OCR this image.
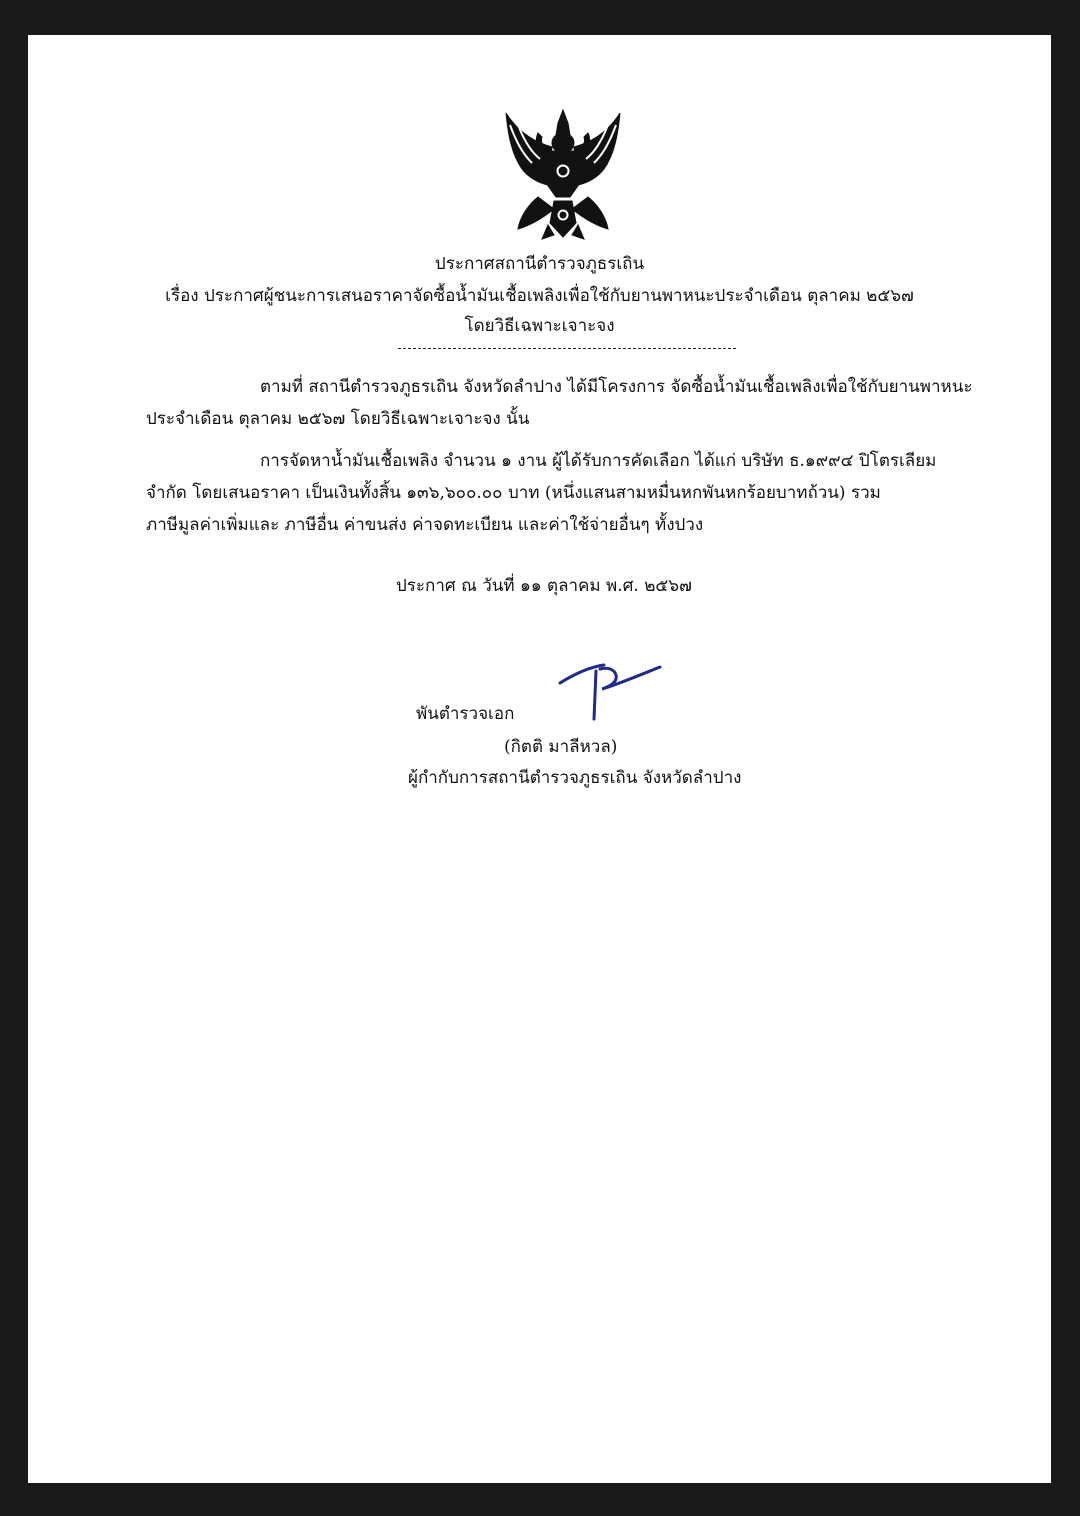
ประกาศสถานีตำรวจภูธรเถิน
เรื่อง ประกาศผู้ชนะการเสนอราคาจัดซื้อน้ำมันเชื้อเพลิงเพื่อใช้กับยานพาหนะประจำเดือน ตุลาคม ๒๕๖๗
โดยวิธีเฉพาะเจาะจง
ตามที่ สถานีตำรวจภูธรเถิน จังหวัดลำปาง ได้มีโครงการ จัดซื้อน้ำมันเชื้อเพลิงเพื่อใช้กับยานพาหนะ
ประจำเดือน ตุลาคม ๒๕๖๗ โดยวิธีเฉพาะเจาะจง นั้น
การจัดหาน้ำมันเชื้อเพลิง จำนวน ๑ งาน ผู้ได้รับการคัดเลือก ได้แก่ บริษัท ธ.๑๙๙๔ ปิโตรเลียม
จำกัด โดยเสนอราคา เป็นเงินทั้งสิ้น ๑๓๖,๖๐๐.๐๐ บาท (หนึ่งแสนสามหมื่นหกพันหกร้อยบาทถ้วน) รวม
ภาษีมูลค่าเพิ่มและ ภาษีอื่น ค่าขนส่ง ค่าจดทะเบียน และค่าใช้จ่ายอื่นๆ ทั้งปวง
ประกาศ ณ วันที่ ๑๑ ตุลาคม พ.ศ. ๒๕๖๗
พันตำรวจเอก
(กิตติ มาลีหวล)
ผู้กำกับการสถานีตำรวจภูธรเถิน จังหวัดลำปาง
